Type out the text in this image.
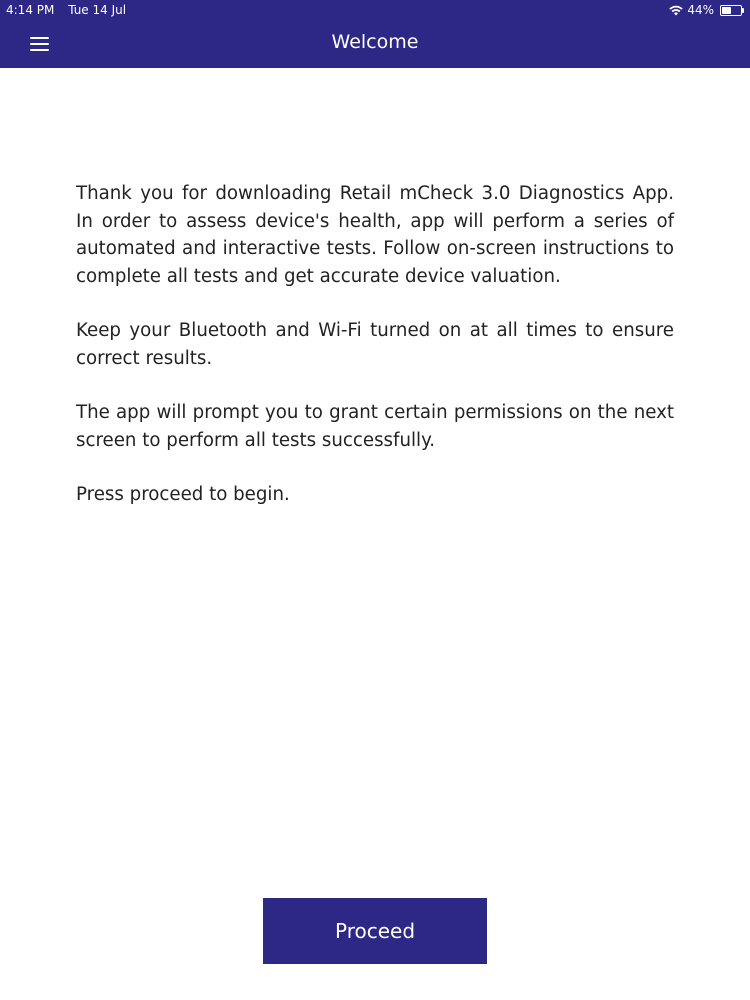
4:14 PM Tue 14 Jul	44%
Welcome

Thank you for downloading Retail mCheck 3.0 Diagnostics App. In order to assess device's health, app will perform a series of automated and interactive tests. Follow on-screen instructions to complete all tests and get accurate device valuation.

Keep your Bluetooth and Wi-Fi turned on at all times to ensure correct results.

The app will prompt you to grant certain permissions on the next screen to perform all tests successfully.

Press proceed to begin.

Proceed
